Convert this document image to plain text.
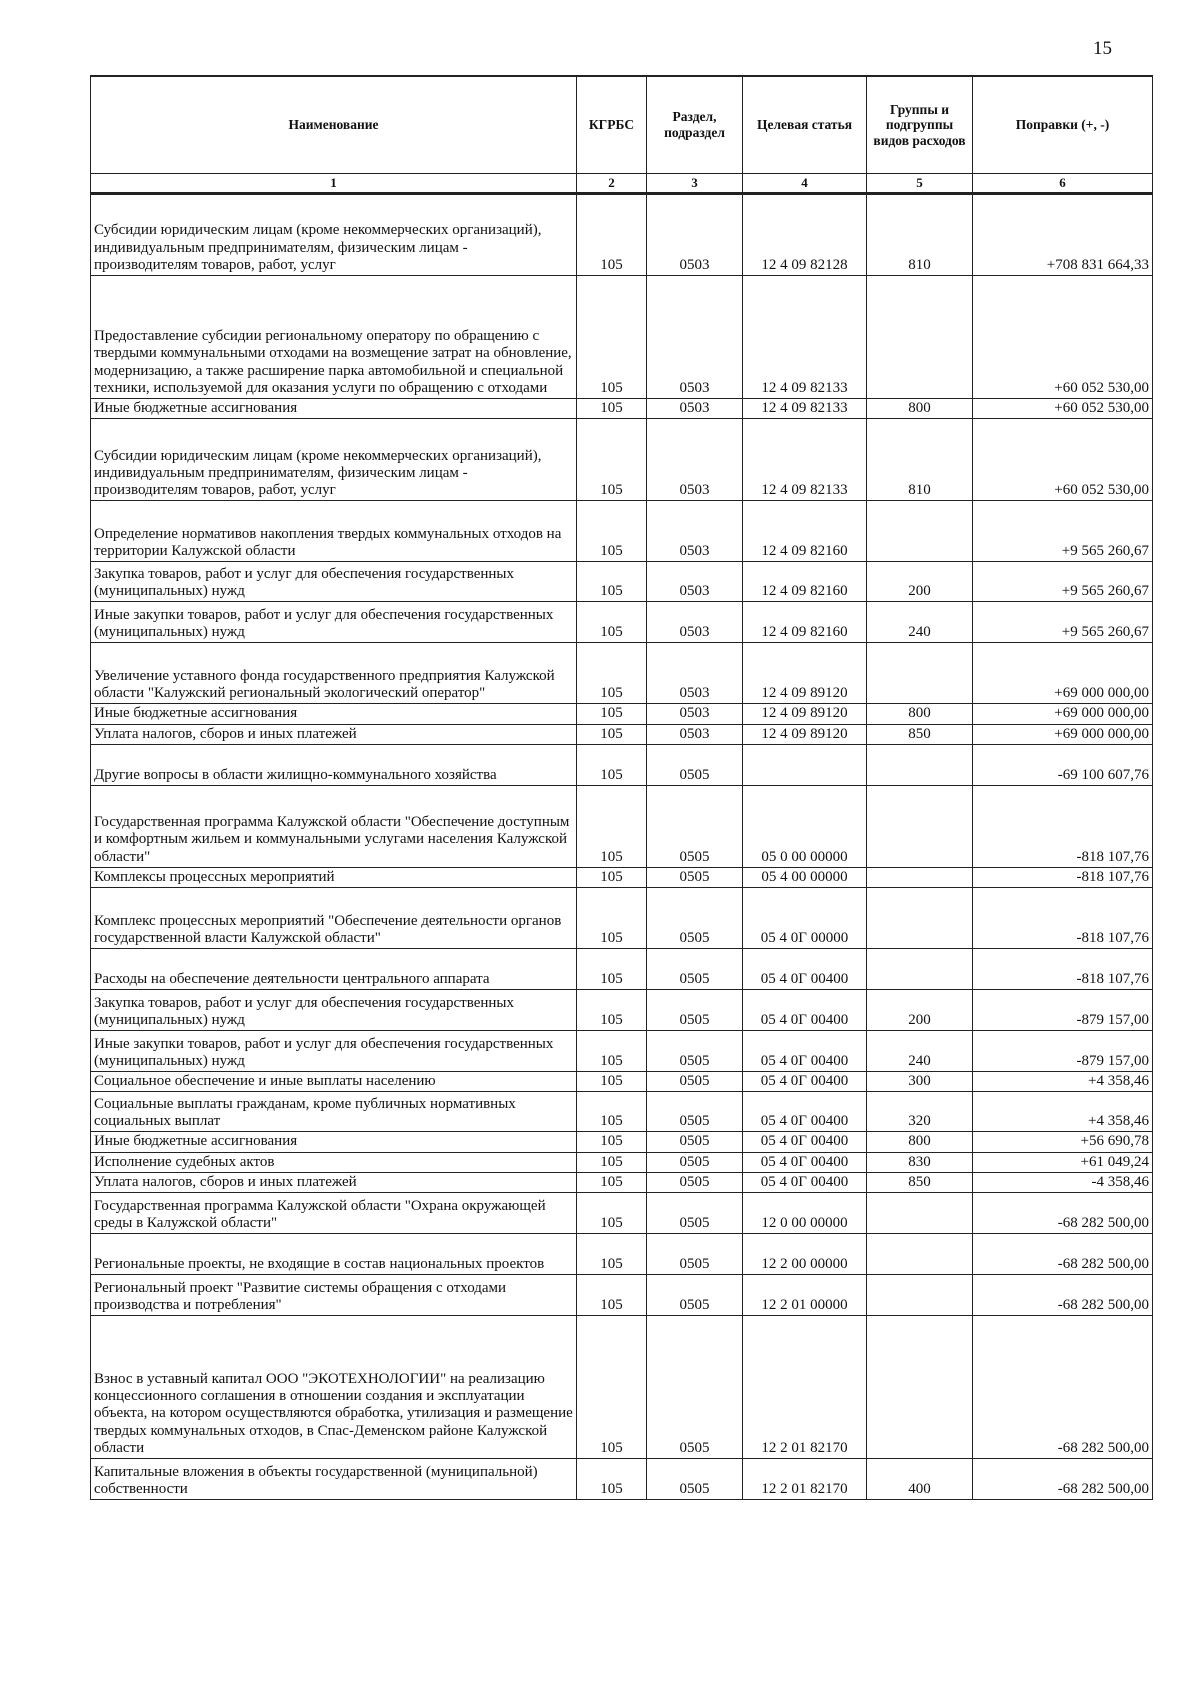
15
Наименование	КГРБС	Раздел, подраздел	Целевая статья	Группы и подгруппы видов расходов	Поправки (+, -)
1	2	3	4	5	6
Субсидии юридическим лицам (кроме некоммерческих организаций), индивидуальным предпринимателям, физическим лицам - производителям товаров, работ, услуг	105	0503	12 4 09 82128	810	+708 831 664,33
Предоставление субсидии региональному оператору по обращению с твердыми коммунальными отходами на возмещение затрат на обновление, модернизацию, а также расширение парка автомобильной и специальной техники, используемой для оказания услуги по обращению с отходами	105	0503	12 4 09 82133		+60 052 530,00
Иные бюджетные ассигнования	105	0503	12 4 09 82133	800	+60 052 530,00
Субсидии юридическим лицам (кроме некоммерческих организаций), индивидуальным предпринимателям, физическим лицам - производителям товаров, работ, услуг	105	0503	12 4 09 82133	810	+60 052 530,00
Определение нормативов накопления твердых коммунальных отходов на территории Калужской области	105	0503	12 4 09 82160		+9 565 260,67
Закупка товаров, работ и услуг для обеспечения государственных (муниципальных) нужд	105	0503	12 4 09 82160	200	+9 565 260,67
Иные закупки товаров, работ и услуг для обеспечения государственных (муниципальных) нужд	105	0503	12 4 09 82160	240	+9 565 260,67
Увеличение уставного фонда государственного предприятия Калужской области "Калужский региональный экологический оператор"	105	0503	12 4 09 89120		+69 000 000,00
Иные бюджетные ассигнования	105	0503	12 4 09 89120	800	+69 000 000,00
Уплата налогов, сборов и иных платежей	105	0503	12 4 09 89120	850	+69 000 000,00
Другие вопросы в области жилищно-коммунального хозяйства	105	0505			-69 100 607,76
Государственная программа Калужской области "Обеспечение доступным и комфортным жильем и коммунальными услугами населения Калужской области"	105	0505	05 0 00 00000		-818 107,76
Комплексы процессных мероприятий	105	0505	05 4 00 00000		-818 107,76
Комплекс процессных мероприятий "Обеспечение деятельности органов государственной власти Калужской области"	105	0505	05 4 0Г 00000		-818 107,76
Расходы на обеспечение деятельности центрального аппарата	105	0505	05 4 0Г 00400		-818 107,76
Закупка товаров, работ и услуг для обеспечения государственных (муниципальных) нужд	105	0505	05 4 0Г 00400	200	-879 157,00
Иные закупки товаров, работ и услуг для обеспечения государственных (муниципальных) нужд	105	0505	05 4 0Г 00400	240	-879 157,00
Социальное обеспечение и иные выплаты населению	105	0505	05 4 0Г 00400	300	+4 358,46
Социальные выплаты гражданам, кроме публичных нормативных социальных выплат	105	0505	05 4 0Г 00400	320	+4 358,46
Иные бюджетные ассигнования	105	0505	05 4 0Г 00400	800	+56 690,78
Исполнение судебных актов	105	0505	05 4 0Г 00400	830	+61 049,24
Уплата налогов, сборов и иных платежей	105	0505	05 4 0Г 00400	850	-4 358,46
Государственная программа Калужской области "Охрана окружающей среды в Калужской области"	105	0505	12 0 00 00000		-68 282 500,00
Региональные проекты, не входящие в состав национальных проектов	105	0505	12 2 00 00000		-68 282 500,00
Региональный проект "Развитие системы обращения с отходами производства и потребления"	105	0505	12 2 01 00000		-68 282 500,00
Взнос в уставный капитал ООО "ЭКОТЕХНОЛОГИИ" на реализацию концессионного соглашения в отношении создания и эксплуатации объекта, на котором осуществляются обработка, утилизация и размещение твердых коммунальных отходов, в Спас-Деменском районе Калужской области	105	0505	12 2 01 82170		-68 282 500,00
Капитальные вложения в объекты государственной (муниципальной) собственности	105	0505	12 2 01 82170	400	-68 282 500,00
